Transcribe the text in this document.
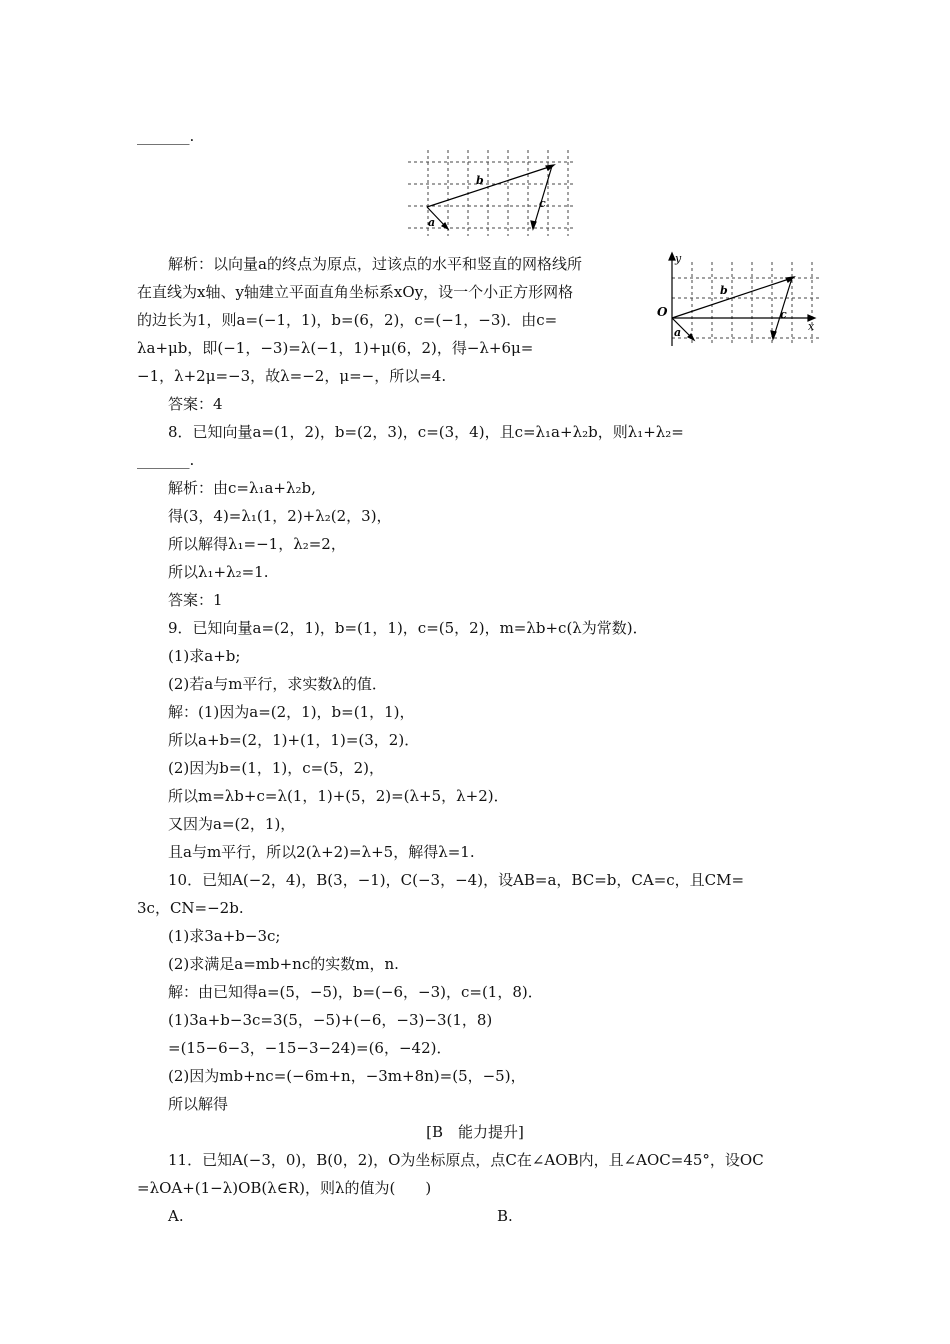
_______.
b
a
c
O
y
x
b
a
c
解析：以向量a的终点为原点，过该点的水平和竖直的网格线所
在直线为x轴、y轴建立平面直角坐标系xOy，设一个小正方形网格
的边长为1，则a=(−1，1)，b=(6，2)，c=(−1，−3)．由c=
λa+μb，即(−1，−3)=λ(−1，1)+μ(6，2)，得−λ+6μ=
−1，λ+2μ=−3，故λ=−2，μ=−，所以=4.
答案：4
8．已知向量a=(1，2)，b=(2，3)，c=(3，4)，且c=λ₁a+λ₂b，则λ₁+λ₂=
_______.
解析：由c=λ₁a+λ₂b,
得(3，4)=λ₁(1，2)+λ₂(2，3)，
所以解得λ₁=−1，λ₂=2，
所以λ₁+λ₂=1.
答案：1
9．已知向量a=(2，1)，b=(1，1)，c=(5，2)，m=λb+c(λ为常数)．
(1)求a+b;
(2)若a与m平行，求实数λ的值．
解：(1)因为a=(2，1)，b=(1，1)，
所以a+b=(2，1)+(1，1)=(3，2)．
(2)因为b=(1，1)，c=(5，2)，
所以m=λb+c=λ(1，1)+(5，2)=(λ+5，λ+2)．
又因为a=(2，1)，
且a与m平行，所以2(λ+2)=λ+5，解得λ=1.
10．已知A(−2，4)，B(3，−1)，C(−3，−4)，设AB=a，BC=b，CA=c，且CM=
3c，CN=−2b.
(1)求3a+b−3c;
(2)求满足a=mb+nc的实数m，n.
解：由已知得a=(5，−5)，b=(−6，−3)，c=(1，8)．
(1)3a+b−3c=3(5，−5)+(−6，−3)−3(1，8)
=(15−6−3，−15−3−24)=(6，−42)．
(2)因为mb+nc=(−6m+n，−3m+8n)=(5，−5)，
所以解得
[B　能力提升]
11．已知A(−3，0)，B(0，2)，O为坐标原点，点C在∠AOB内，且∠AOC=45°，设OC
=λOA+(1−λ)OB(λ∈R)，则λ的值为(　　)
A.	B.
